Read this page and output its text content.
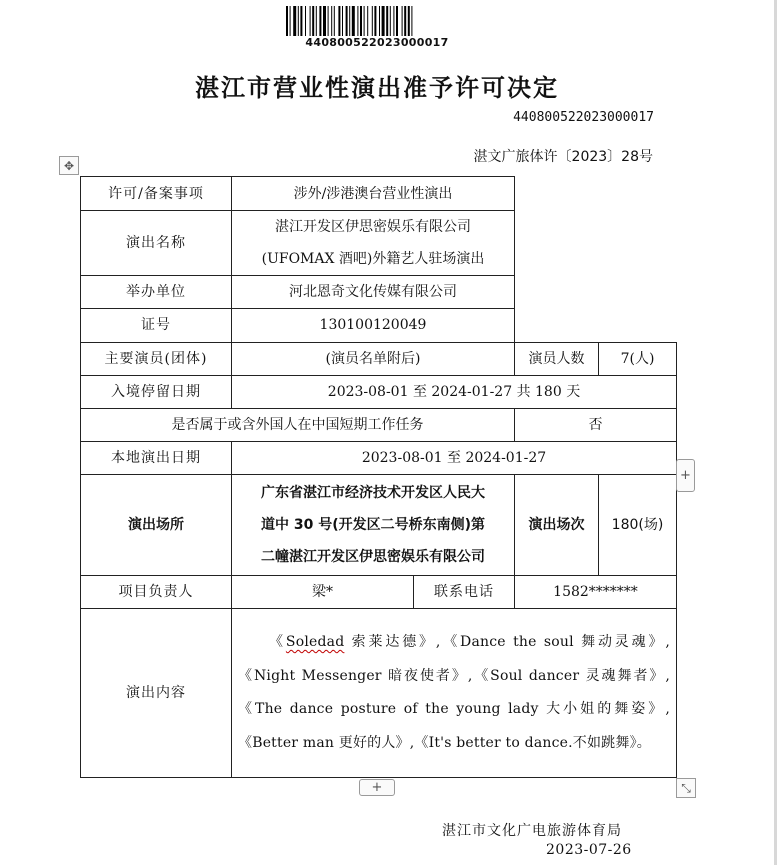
440800522023000017
湛江市营业性演出准予许可决定
440800522023000017
湛文广旅体许〔2023〕28号
✥
许可/备案事项	涉外/涉港澳台营业性演出			
演出名称	湛江开发区伊思密娱乐有限公司
(UFOMAX 酒吧)外籍艺人驻场演出			

举办单位	河北恩奇文化传媒有限公司			
证号	130100120049			
主要演员(团体)	(演员名单附后)		演员人数	7(人)
入境停留日期	2023-08-01 至 2024-01-27 共 180 天			
是否属于或含外国人在中国短期工作任务			否	
本地演出日期	2023-08-01 至 2024-01-27			
演出场所	广东省湛江市经济技术开发区人民大
道中 30 号(开发区二号桥东南侧)第
二幢湛江开发区伊思密娱乐有限公司		演出场次	180(场)
项目负责人	梁*	联系电话	1582*******	
演出内容	  《Soledad 索莱达德》,《Dance the soul 舞动灵魂》,《Night Messenger 暗夜使者》,《Soul dancer 灵魂舞者》,《The dance posture of the young lady 大小姐的舞姿》,《Better man 更好的人》,《It's better to dance.不如跳舞》。			
+
+	⤡
湛江市文化广电旅游体育局
2023-07-26
